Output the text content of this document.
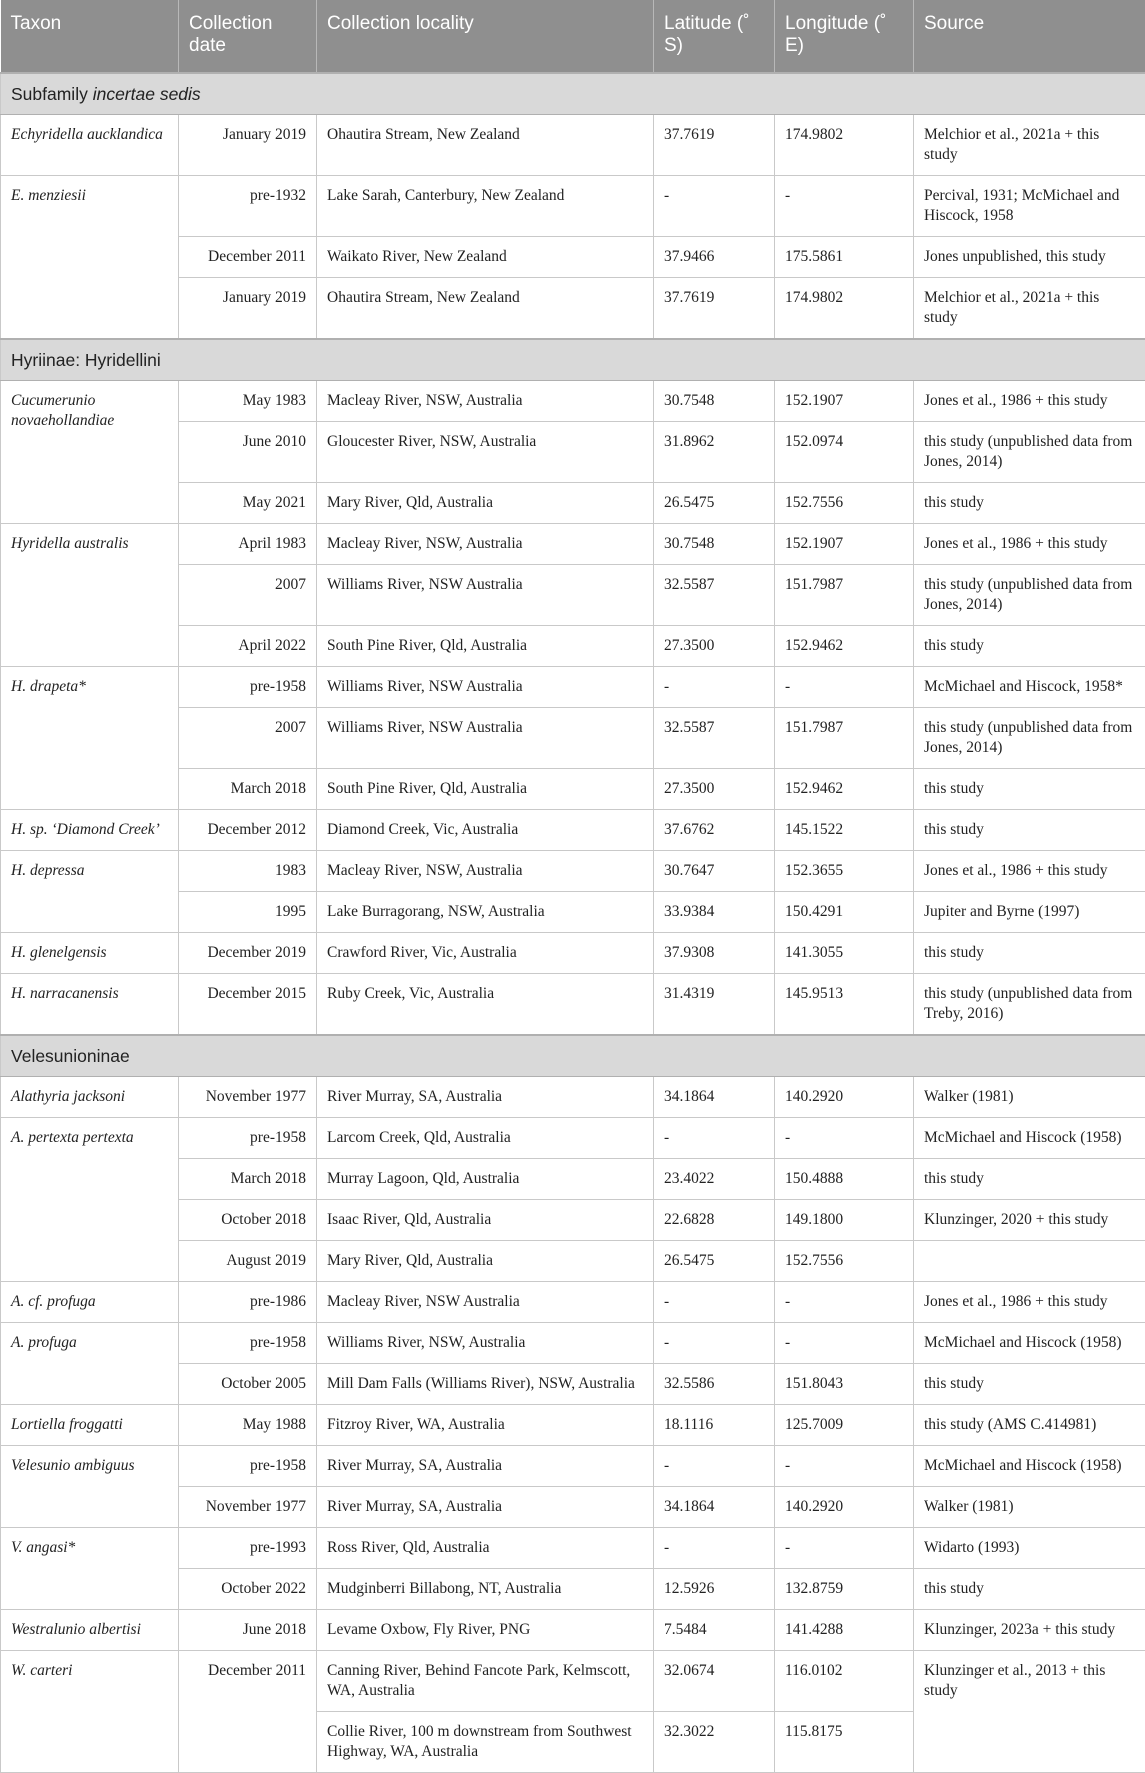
Taxon	Collection date	Collection locality	Latitude (˚ S)	Longitude (˚ E)	Source
Subfamily incertae sedis					
Echyridella aucklandica	January 2019	Ohautira Stream, New Zealand	37.7619	174.9802	Melchior et al., 2021a + this study
E. menziesii	pre-1932	Lake Sarah, Canterbury, New Zealand	-	-	Percival, 1931; McMichael and Hiscock, 1958
	December 2011	Waikato River, New Zealand	37.9466	175.5861	Jones unpublished, this study
	January 2019	Ohautira Stream, New Zealand	37.7619	174.9802	Melchior et al., 2021a + this study
Hyriinae: Hyridellini					
Cucumerunio novaehollandiae	May 1983	Macleay River, NSW, Australia	30.7548	152.1907	Jones et al., 1986 + this study
	June 2010	Gloucester River, NSW, Australia	31.8962	152.0974	this study (unpublished data from Jones, 2014)
	May 2021	Mary River, Qld, Australia	26.5475	152.7556	this study
Hyridella australis	April 1983	Macleay River, NSW, Australia	30.7548	152.1907	Jones et al., 1986 + this study
	2007	Williams River, NSW Australia	32.5587	151.7987	this study (unpublished data from Jones, 2014)
	April 2022	South Pine River, Qld, Australia	27.3500	152.9462	this study
H. drapeta*	pre-1958	Williams River, NSW Australia	-	-	McMichael and Hiscock, 1958*
	2007	Williams River, NSW Australia	32.5587	151.7987	this study (unpublished data from Jones, 2014)
	March 2018	South Pine River, Qld, Australia	27.3500	152.9462	this study
H. sp. ‘Diamond Creek’	December 2012	Diamond Creek, Vic, Australia	37.6762	145.1522	this study
H. depressa	1983	Macleay River, NSW, Australia	30.7647	152.3655	Jones et al., 1986 + this study
	1995	Lake Burragorang, NSW, Australia	33.9384	150.4291	Jupiter and Byrne (1997)
H. glenelgensis	December 2019	Crawford River, Vic, Australia	37.9308	141.3055	this study
H. narracanensis	December 2015	Ruby Creek, Vic, Australia	31.4319	145.9513	this study (unpublished data from Treby, 2016)
Velesunioninae					
Alathyria jacksoni	November 1977	River Murray, SA, Australia	34.1864	140.2920	Walker (1981)
A. pertexta pertexta	pre-1958	Larcom Creek, Qld, Australia	-	-	McMichael and Hiscock (1958)
	March 2018	Murray Lagoon, Qld, Australia	23.4022	150.4888	this study
	October 2018	Isaac River, Qld, Australia	22.6828	149.1800	Klunzinger, 2020 + this study
	August 2019	Mary River, Qld, Australia	26.5475	152.7556	
A. cf. profuga	pre-1986	Macleay River, NSW Australia	-	-	Jones et al., 1986 + this study
A. profuga	pre-1958	Williams River, NSW, Australia	-	-	McMichael and Hiscock (1958)
	October 2005	Mill Dam Falls (Williams River), NSW, Australia	32.5586	151.8043	this study
Lortiella froggatti	May 1988	Fitzroy River, WA, Australia	18.1116	125.7009	this study (AMS C.414981)
Velesunio ambiguus	pre-1958	River Murray, SA, Australia	-	-	McMichael and Hiscock (1958)
	November 1977	River Murray, SA, Australia	34.1864	140.2920	Walker (1981)
V. angasi*	pre-1993	Ross River, Qld, Australia	-	-	Widarto (1993)
	October 2022	Mudginberri Billabong, NT, Australia	12.5926	132.8759	this study
Westralunio albertisi	June 2018	Levame Oxbow, Fly River, PNG	7.5484	141.4288	Klunzinger, 2023a + this study
W. carteri	December 2011	Canning River, Behind Fancote Park, Kelmscott, WA, Australia	32.0674	116.0102	Klunzinger et al., 2013 + this study
		Collie River, 100 m downstream from Southwest Highway, WA, Australia	32.3022	115.8175	
